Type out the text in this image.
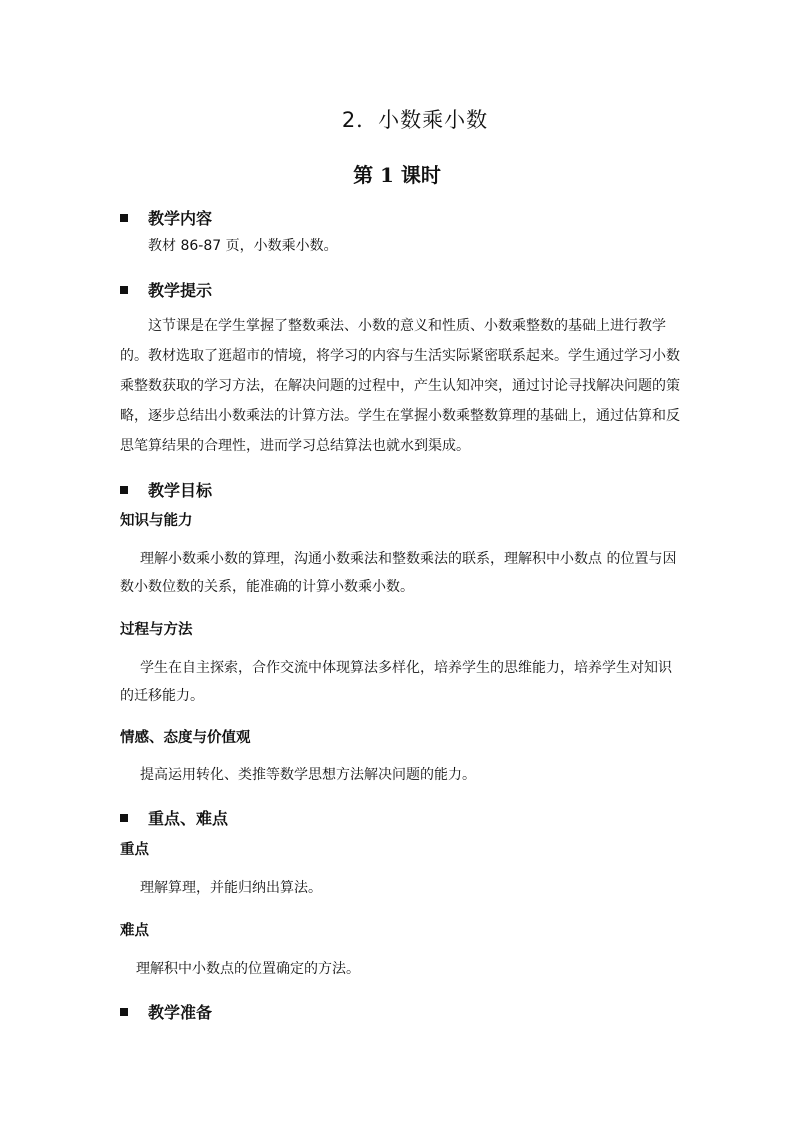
2．小数乘小数
第 1 课时
教学内容

教材 86-87 页，小数乘小数。

教学提示

这节课是在学生掌握了整数乘法、小数的意义和性质、小数乘整数的基础上进行教学的。教材选取了逛超市的情境，将学习的内容与生活实际紧密联系起来。学生通过学习小数乘整数获取的学习方法，在解决问题的过程中，产生认知冲突，通过讨论寻找解决问题的策略，逐步总结出小数乘法的计算方法。学生在掌握小数乘整数算理的基础上，通过估算和反思笔算结果的合理性，进而学习总结算法也就水到渠成。

教学目标
知识与能力

理解小数乘小数的算理，沟通小数乘法和整数乘法的联系，理解积中小数点 的位置与因数小数位数的关系，能准确的计算小数乘小数。

过程与方法

学生在自主探索，合作交流中体现算法多样化，培养学生的思维能力，培养学生对知识的迁移能力。

情感、态度与价值观

提高运用转化、类推等数学思想方法解决问题的能力。

重点、难点
重点

理解算理，并能归纳出算法。

难点

理解积中小数点的位置确定的方法。

教学准备
